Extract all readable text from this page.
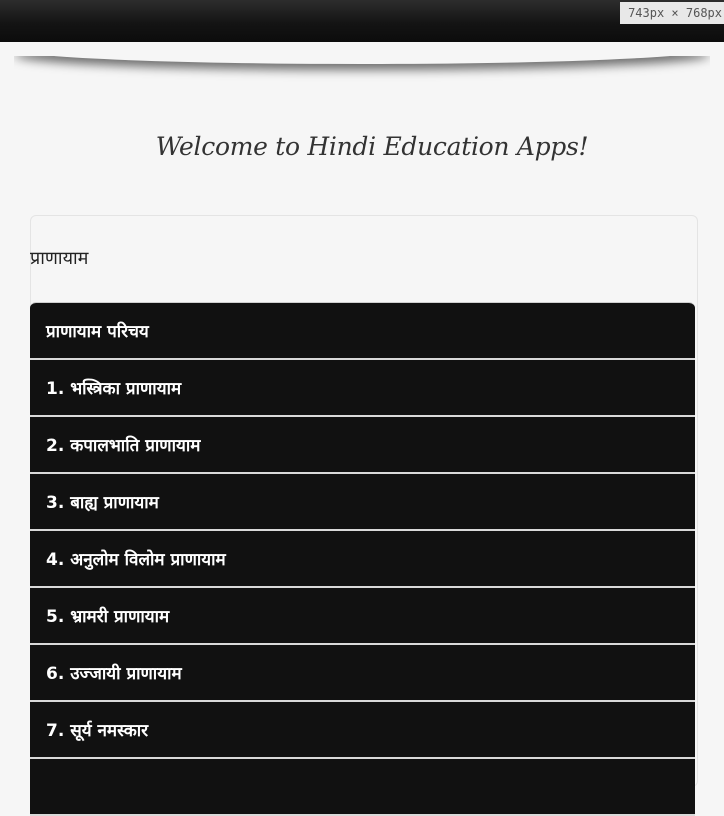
743px × 768px
Welcome to Hindi Education Apps!
प्राणायाम
प्राणायाम परिचय
1. भस्त्रिका प्राणायाम
2. कपालभाति प्राणायाम
3. बाह्य प्राणायाम
4. अनुलोम विलोम प्राणायाम
5. भ्रामरी प्राणायाम
6. उज्जायी प्राणायाम
7. सूर्य नमस्कार
